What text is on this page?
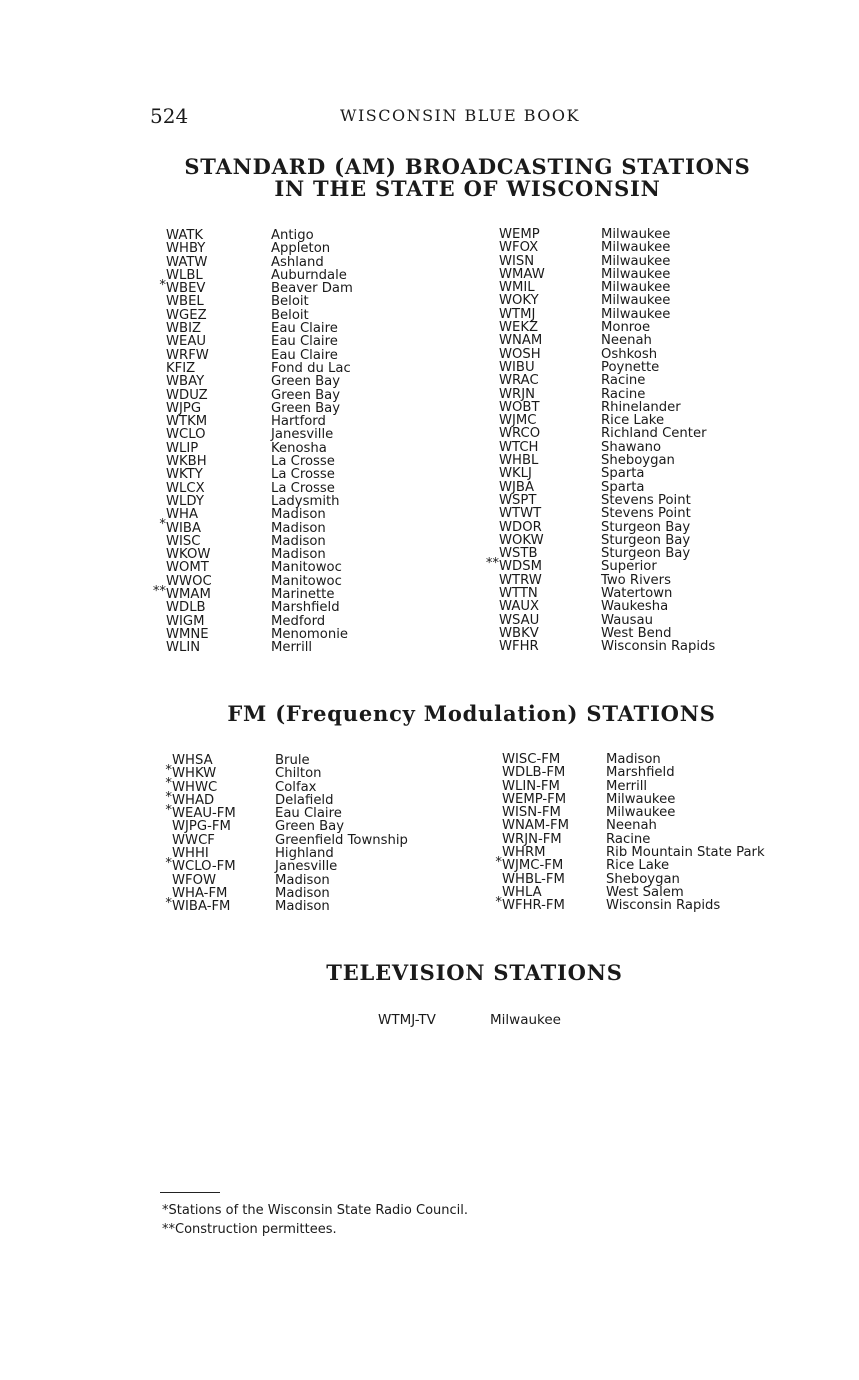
524	WISCONSIN BLUE BOOK
STANDARD (AM) BROADCASTING STATIONS
IN THE STATE OF WISCONSIN
WATK
WHBY
WATW
*
WLBL
WBEV
WBEL
WGEZ
WBIZ
WEAU
WRFW
KFIZ
WBAY
WDUZ
WJPG
WTKM
WCLO
WLIP
WKBH
WKTY
WLCX
WLDY
*
WHA
WIBA
WISC
WKOW
WOMT
**
WWOC
WMAM
WDLB
WIGM
WMNE
WLIN
Antigo
Appleton
Ashland
Auburndale
Beaver Dam
Beloit
Beloit
Eau Claire
Eau Claire
Eau Claire
Fond du Lac
Green Bay
Green Bay
Green Bay
Hartford
Janesville
Kenosha
La Crosse
La Crosse
La Crosse
Ladysmith
Madison
Madison
Madison
Madison
Manitowoc
Manitowoc
Marinette
Marshfield
Medford
Menomonie
Merrill
WEMP
WFOX
WISN
WMAW
WMIL
WOKY
WTMJ
WEKZ
WNAM
WOSH
WIBU
WRAC
WRJN
WOBT
WJMC
WRCO
WTCH
WHBL
WKLJ
WJBA
WSPT
WTWT
WDOR
WOKW
**
WSTB
WDSM
WTRW
WTTN
WAUX
WSAU
WBKV
WFHR
Milwaukee
Milwaukee
Milwaukee
Milwaukee
Milwaukee
Milwaukee
Milwaukee
Monroe
Neenah
Oshkosh
Poynette
Racine
Racine
Rhinelander
Rice Lake
Richland Center
Shawano
Sheboygan
Sparta
Sparta
Stevens Point
Stevens Point
Sturgeon Bay
Sturgeon Bay
Sturgeon Bay
Superior
Two Rivers
Watertown
Waukesha
Wausau
West Bend
Wisconsin Rapids
FM (Frequency Modulation) STATIONS
*
WHSA
*
WHKW
*
WHWC
*
WHAD
WEAU-FM
WJPG-FM
WWCF
*
WHHI
WCLO-FM
WFOW
*
WHA-FM
WIBA-FM
Brule
Chilton
Colfax
Delafield
Eau Claire
Green Bay
Greenfield Township
Highland
Janesville
Madison
Madison
Madison
WISC-FM
WDLB-FM
WLIN-FM
WEMP-FM
WISN-FM
WNAM-FM
WRJN-FM
*
WHRM
WJMC-FM
WHBL-FM
*
WHLA
WFHR-FM
Madison
Marshfield
Merrill
Milwaukee
Milwaukee
Neenah
Racine
Rib Mountain State Park
Rice Lake
Sheboygan
West Salem
Wisconsin Rapids
TELEVISION STATIONS
WTMJ-TV	Milwaukee
*Stations of the Wisconsin State Radio Council.
**Construction permittees.
